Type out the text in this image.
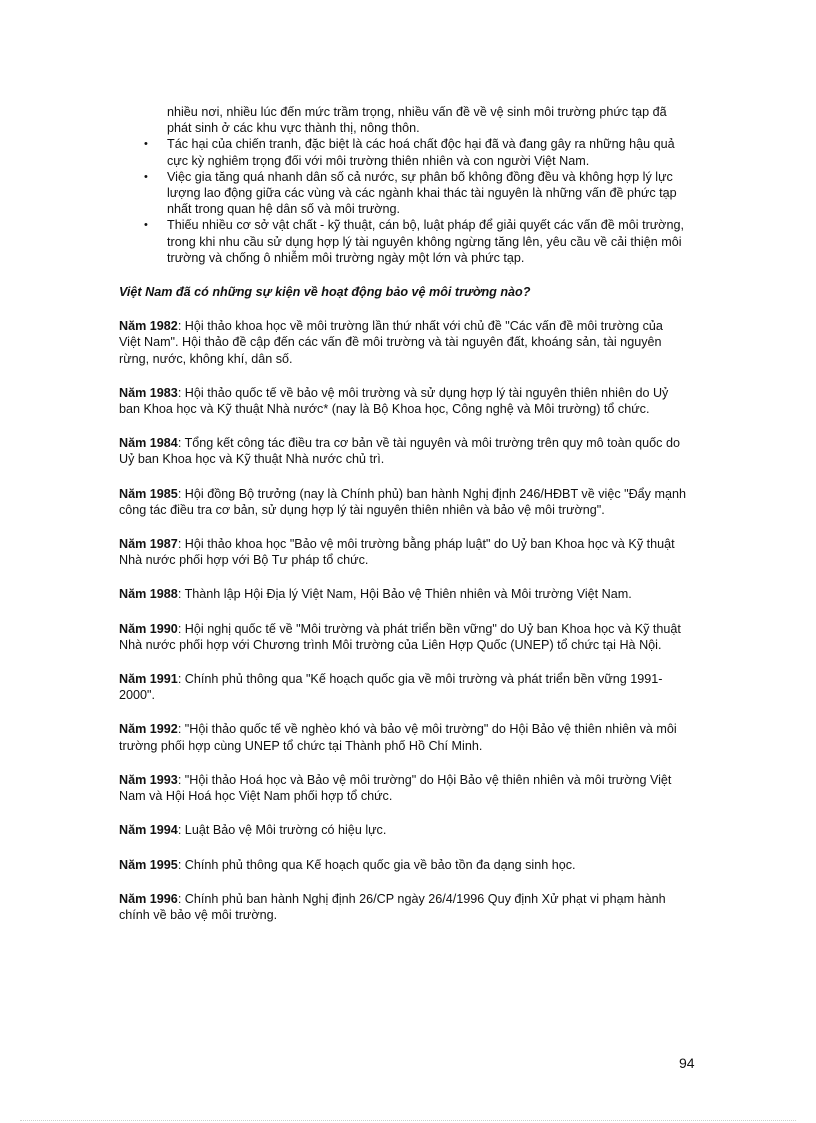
nhiều nơi, nhiều lúc đến mức trầm trọng, nhiều vấn đề về vệ sinh môi trường phức tạp đã phát sinh ở các khu vực thành thị, nông thôn.
• Tác hại của chiến tranh, đặc biệt là các hoá chất độc hại đã và đang gây ra những hậu quả cực kỳ nghiêm trọng đối với môi trường thiên nhiên và con người Việt Nam.
• Việc gia tăng quá nhanh dân số cả nước, sự phân bố không đồng đều và không hợp lý lực lượng lao động giữa các vùng và các ngành khai thác tài nguyên là những vấn đề phức tạp nhất trong quan hệ dân số và môi trường.
• Thiếu nhiều cơ sở vật chất - kỹ thuật, cán bộ, luật pháp để giải quyết các vấn đề môi trường, trong khi nhu cầu sử dụng hợp lý tài nguyên không ngừng tăng lên, yêu cầu về cải thiện môi trường và chống ô nhiễm môi trường ngày một lớn và phức tạp.

Việt Nam đã có những sự kiện về hoạt động bảo vệ môi trường nào?

Năm 1982: Hội thảo khoa học về môi trường lần thứ nhất với chủ đề "Các vấn đề môi trường của Việt Nam". Hội thảo đề cập đến các vấn đề môi trường và tài nguyên đất, khoáng sản, tài nguyên rừng, nước, không khí, dân số.
Năm 1983: Hội thảo quốc tế về bảo vệ môi trường và sử dụng hợp lý tài nguyên thiên nhiên do Uỷ ban Khoa học và Kỹ thuật Nhà nước* (nay là Bộ Khoa học, Công nghệ và Môi trường) tổ chức.
Năm 1984: Tổng kết công tác điều tra cơ bản về tài nguyên và môi trường trên quy mô toàn quốc do Uỷ ban Khoa học và Kỹ thuật Nhà nước chủ trì.
Năm 1985: Hội đồng Bộ trưởng (nay là Chính phủ) ban hành Nghị định 246/HĐBT về việc "Đẩy mạnh công tác điều tra cơ bản, sử dụng hợp lý tài nguyên thiên nhiên và bảo vệ môi trường".
Năm 1987: Hội thảo khoa học "Bảo vệ môi trường bằng pháp luật" do Uỷ ban Khoa học và Kỹ thuật Nhà nước phối hợp với Bộ Tư pháp tổ chức.
Năm 1988: Thành lập Hội Địa lý Việt Nam, Hội Bảo vệ Thiên nhiên và Môi trường Việt Nam.
Năm 1990: Hội nghị quốc tế về "Môi trường và phát triển bền vững" do Uỷ ban Khoa học và Kỹ thuật Nhà nước phối hợp với Chương trình Môi trường của Liên Hợp Quốc (UNEP) tổ chức tại Hà Nội.
Năm 1991: Chính phủ thông qua "Kế hoạch quốc gia về môi trường và phát triển bền vững 1991-2000".
Năm 1992: "Hội thảo quốc tế về nghèo khó và bảo vệ môi trường" do Hội Bảo vệ thiên nhiên và môi trường phối hợp cùng UNEP tổ chức tại Thành phố Hồ Chí Minh.
Năm 1993: "Hội thảo Hoá học và Bảo vệ môi trường" do Hội Bảo vệ thiên nhiên và môi trường Việt Nam và Hội Hoá học Việt Nam phối hợp tổ chức.
Năm 1994: Luật Bảo vệ Môi trường có hiệu lực.
Năm 1995: Chính phủ thông qua Kế hoạch quốc gia về bảo tồn đa dạng sinh học.
Năm 1996: Chính phủ ban hành Nghị định 26/CP ngày 26/4/1996 Quy định Xử phạt vi phạm hành chính về bảo vệ môi trường.
94
